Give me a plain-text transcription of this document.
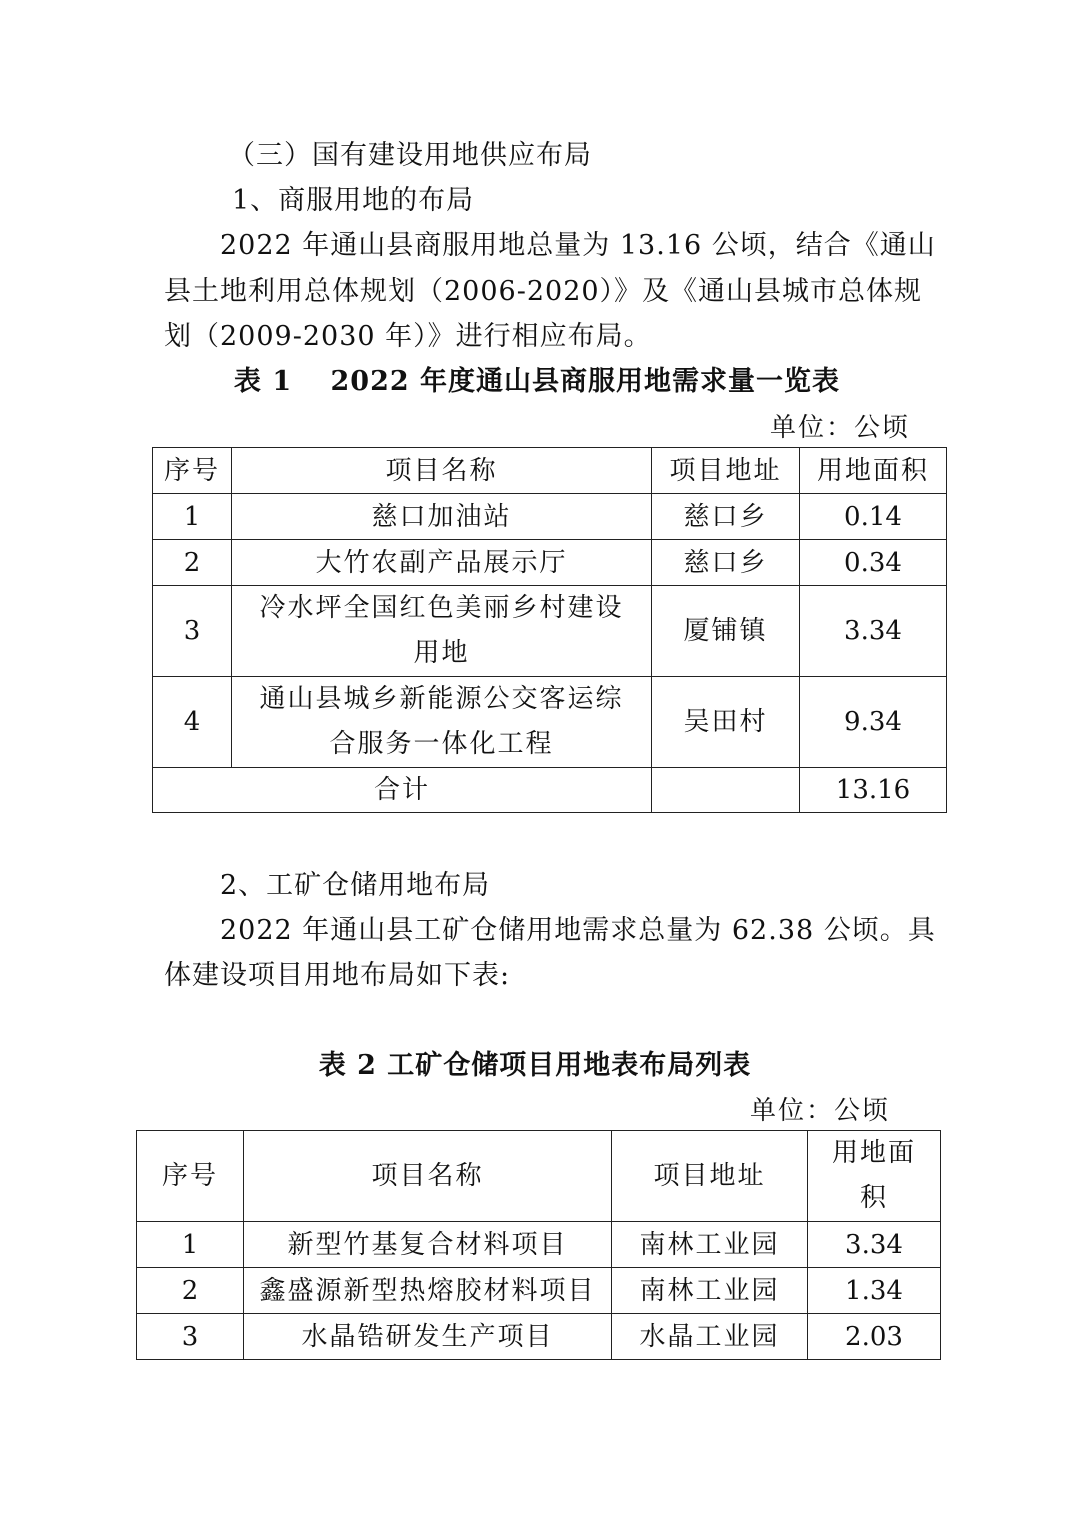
（三）国有建设用地供应布局
1、商服用地的布局
2022 年通山县商服用地总量为 13.16 公顷，结合《通山
县土地利用总体规划（2006-2020）》及《通山县城市总体规
划（2009-2030 年）》进行相应布局。
表 1　 2022 年度通山县商服用地需求量一览表
单位：公顷
序号	项目名称	项目地址	用地面积
1	慈口加油站	慈口乡	0.14
2	大竹农副产品展示厅	慈口乡	0.34
3	冷水坪全国红色美丽乡村建设用地	厦铺镇	3.34
4	通山县城乡新能源公交客运综合服务一体化工程	吴田村	9.34
合计			13.16
2、工矿仓储用地布局
2022 年通山县工矿仓储用地需求总量为 62.38 公顷。具
体建设项目用地布局如下表:
表 2 工矿仓储项目用地表布局列表
单位：公顷
序号	项目名称	项目地址	用地面积
1	新型竹基复合材料项目	南林工业园	3.34
2	鑫盛源新型热熔胶材料项目	南林工业园	1.34
3	水晶锆研发生产项目	水晶工业园	2.03
